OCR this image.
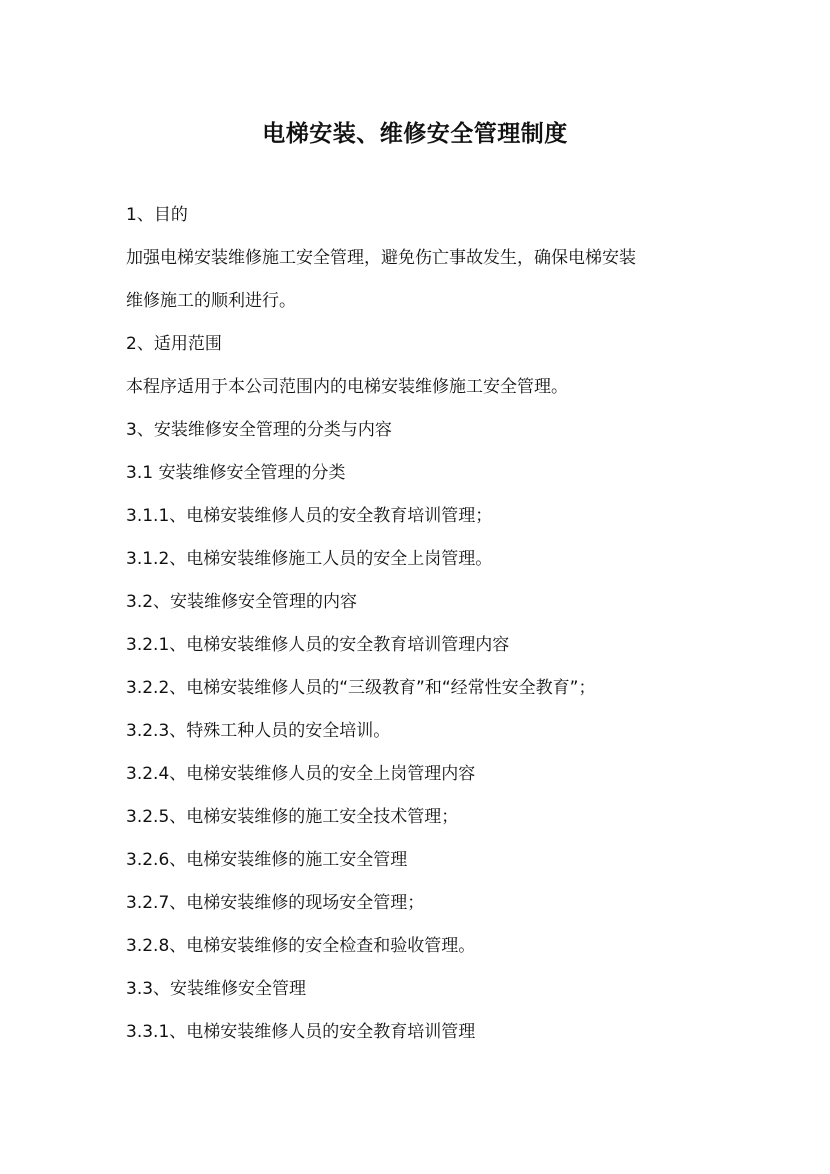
电梯安装、维修安全管理制度
1、目的
加强电梯安装维修施工安全管理，避免伤亡事故发生，确保电梯安装
维修施工的顺利进行。
2、适用范围
本程序适用于本公司范围内的电梯安装维修施工安全管理。
3、安装维修安全管理的分类与内容
3.1 安装维修安全管理的分类
3.1.1、电梯安装维修人员的安全教育培训管理；
3.1.2、电梯安装维修施工人员的安全上岗管理。
3.2、安装维修安全管理的内容
3.2.1、电梯安装维修人员的安全教育培训管理内容
3.2.2、电梯安装维修人员的“三级教育”和“经常性安全教育”；
3.2.3、特殊工种人员的安全培训。
3.2.4、电梯安装维修人员的安全上岗管理内容
3.2.5、电梯安装维修的施工安全技术管理；
3.2.6、电梯安装维修的施工安全管理
3.2.7、电梯安装维修的现场安全管理；
3.2.8、电梯安装维修的安全检查和验收管理。
3.3、安装维修安全管理
3.3.1、电梯安装维修人员的安全教育培训管理
